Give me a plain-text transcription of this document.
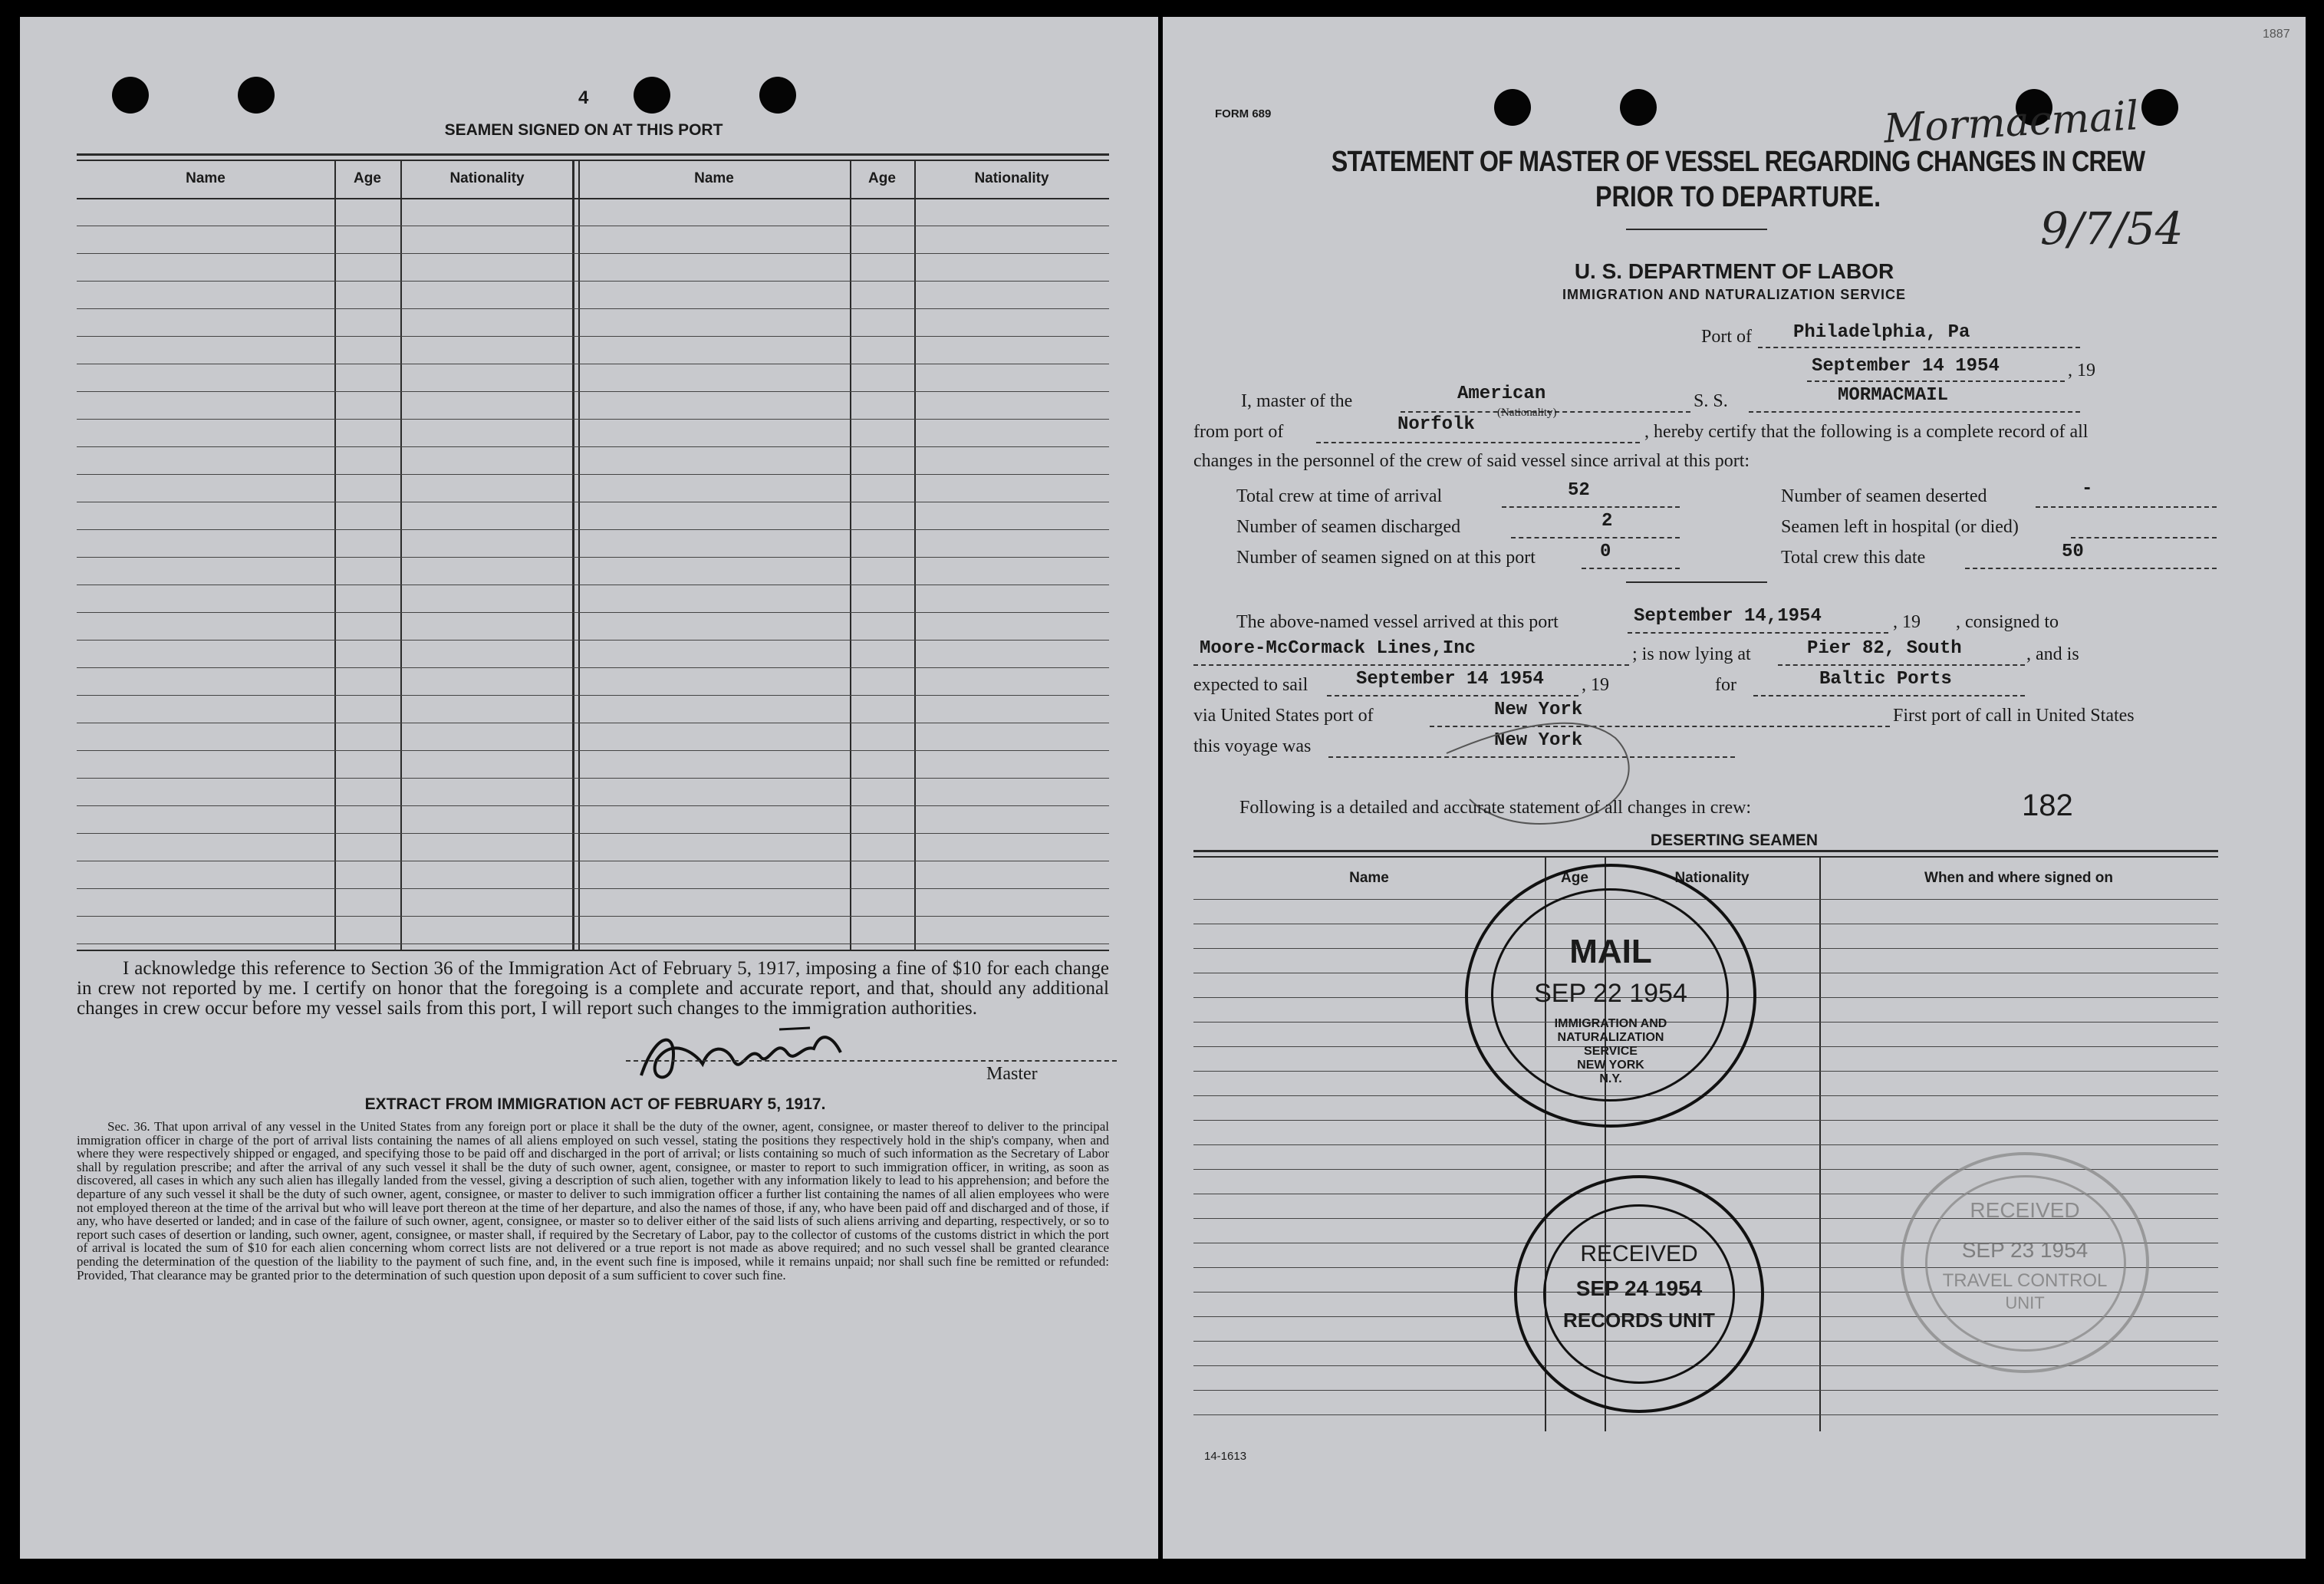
4
SEAMEN SIGNED ON AT THIS PORT
Name	Age	Nationality	Name	Age	Nationality
I acknowledge this reference to Section 36 of the Immigration Act of February 5, 1917, imposing a fine of $10 for each change in crew not reported by me. I certify on honor that the foregoing is a complete and accurate report, and that, should any additional changes in crew occur before my vessel sails from this port, I will report such changes to the immigration authorities.
Master
EXTRACT FROM IMMIGRATION ACT OF FEBRUARY 5, 1917.
Sec. 36. That upon arrival of any vessel in the United States from any foreign port or place it shall be the duty of the owner, agent, consignee, or master thereof to deliver to the principal immigration officer in charge of the port of arrival lists containing the names of all aliens employed on such vessel, stating the positions they respectively hold in the ship's company, when and where they were respectively shipped or engaged, and specifying those to be paid off and discharged in the port of arrival; or lists containing so much of such information as the Secretary of Labor shall by regulation prescribe; and after the arrival of any such vessel it shall be the duty of such owner, agent, consignee, or master to report to such immigration officer, in writing, as soon as discovered, all cases in which any such alien has illegally landed from the vessel, giving a description of such alien, together with any information likely to lead to his apprehension; and before the departure of any such vessel it shall be the duty of such owner, agent, consignee, or master to deliver to such immigration officer a further list containing the names of all alien employees who were not employed thereon at the time of the arrival but who will leave port thereon at the time of her departure, and also the names of those, if any, who have been paid off and discharged and of those, if any, who have deserted or landed; and in case of the failure of such owner, agent, consignee, or master so to deliver either of the said lists of such aliens arriving and departing, respectively, or so to report such cases of desertion or landing, such owner, agent, consignee, or master shall, if required by the Secretary of Labor, pay to the collector of customs of the customs district in which the port of arrival is located the sum of $10 for each alien concerning whom correct lists are not delivered or a true report is not made as above required; and no such vessel shall be granted clearance pending the determination of the question of the liability to the payment of such fine, and, in the event such fine is imposed, while it remains unpaid; nor shall such fine be remitted or refunded: Provided, That clearance may be granted prior to the determination of such question upon deposit of a sum sufficient to cover such fine.
FORM 689
1887
STATEMENT OF MASTER OF VESSEL REGARDING CHANGES IN CREW
PRIOR TO DEPARTURE.
Mormacmail
9/7/54
U. S. DEPARTMENT OF LABOR
IMMIGRATION AND NATURALIZATION SERVICE
Port of Philadelphia, Pa
September 14 1954	, 19
I, master of the	American
(Nationality)
S. S.	MORMACMAIL
from port of	Norfolk	, hereby certify that the following is a complete record of all
changes in the personnel of the crew of said vessel since arrival at this port:
Total crew at time of arrival	52	Number of seamen deserted	-
Number of seamen discharged	2	Seamen left in hospital (or died)
Number of seamen signed on at this port	0	Total crew this date	50
The above-named vessel arrived at this port	September 14,1954	, 19 , consigned to
Moore-McCormack Lines,Inc	; is now lying at	Pier 82, South	, and is
expected to sail	September 14 1954 , 19	for	Baltic Ports
via United States port of	New York	First port of call in United States
this voyage was	New York
Following is a detailed and accurate statement of all changes in crew:	182
DESERTING SEAMEN
Name	Age	Nationality	When and where signed on
MAIL
SEP 22 1954
IMMIGRATION AND
NATURALIZATION
SERVICE
NEW YORK
N.Y.
RECEIVED
SEP 24 1954
RECORDS UNIT
RECEIVED
SEP 23 1954
TRAVEL CONTROL
UNIT
14-1613
